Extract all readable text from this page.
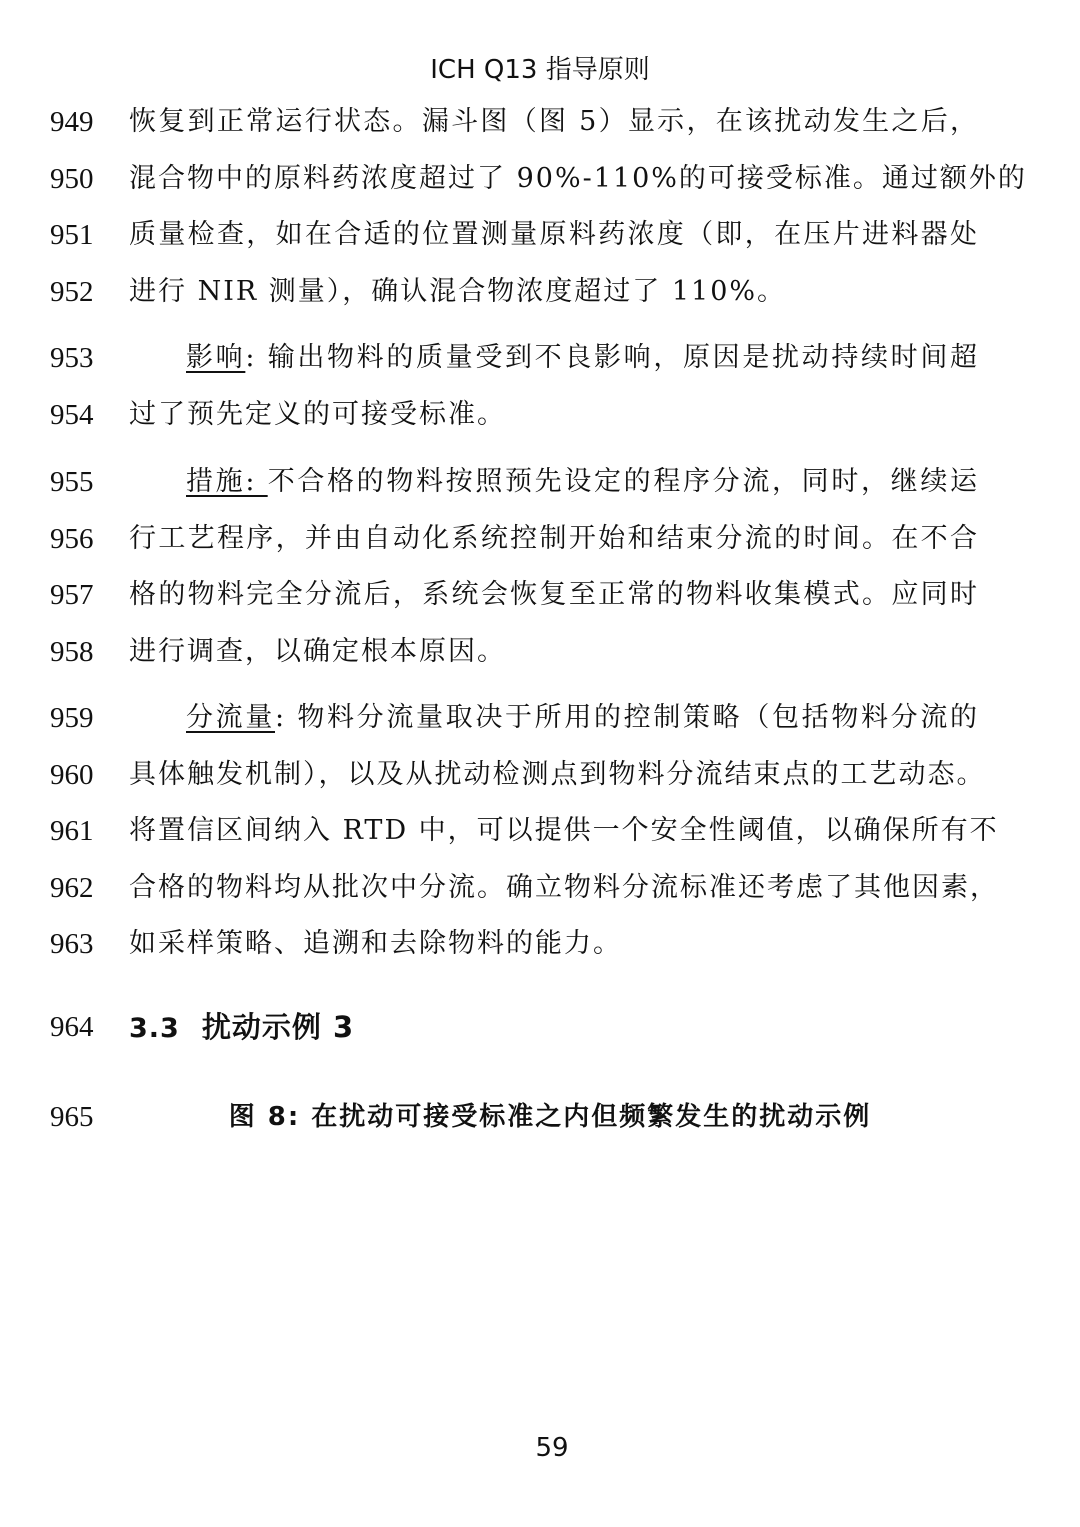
ICH Q13 指导原则
949 恢复到正常运行状态。漏斗图（图 5）显示，在该扰动发生之后，
950 混合物中的原料药浓度超过了 90%-110%的可接受标准。通过额外的
951 质量检查，如在合适的位置测量原料药浓度（即，在压片进料器处
952 进行 NIR 测量），确认混合物浓度超过了 110%。
953	影响: 输出物料的质量受到不良影响，原因是扰动持续时间超
954 过了预先定义的可接受标准。
955	措施: 不合格的物料按照预先设定的程序分流，同时，继续运
956 行工艺程序，并由自动化系统控制开始和结束分流的时间。在不合
957 格的物料完全分流后，系统会恢复至正常的物料收集模式。应同时
958 进行调查，以确定根本原因。
959	分流量: 物料分流量取决于所用的控制策略（包括物料分流的
960 具体触发机制），以及从扰动检测点到物料分流结束点的工艺动态。
961 将置信区间纳入 RTD 中，可以提供一个安全性阈值，以确保所有不
962 合格的物料均从批次中分流。确立物料分流标准还考虑了其他因素，
963 如采样策略、追溯和去除物料的能力。
964 3.3 扰动示例 3
965	图 8: 在扰动可接受标准之内但频繁发生的扰动示例
59
